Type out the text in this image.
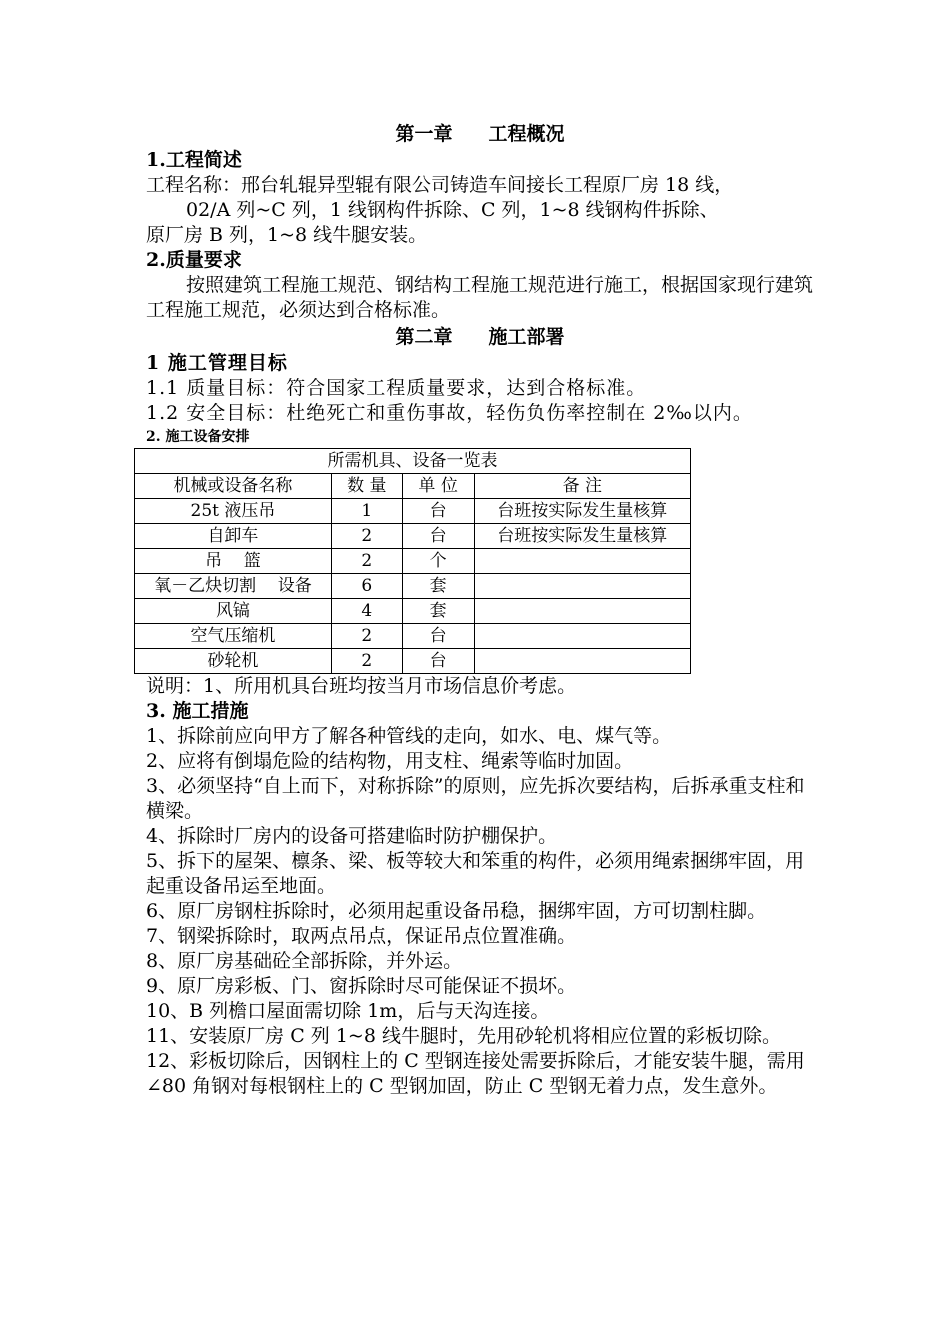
第一章 工程概况
1.工程简述

工程名称：邢台轧辊异型辊有限公司铸造车间接长工程原厂房 18 线，

02/A 列~C 列，1 线钢构件拆除、C 列，1~8 线钢构件拆除、

原厂房 B 列，1~8 线牛腿安装。

2.质量要求

按照建筑工程施工规范、钢结构工程施工规范进行施工，根据国家现行建筑工程施工规范，必须达到合格标准。

第二章 施工部署
1 施工管理目标

1.1 质量目标：符合国家工程质量要求，达到合格标准。

1.2 安全目标：杜绝死亡和重伤事故，轻伤负伤率控制在 2‰以内。

2. 施工设备安排
所需机具、设备一览表			
机械或设备名称	数 量	单 位	备 注
25t 液压吊	1	台	台班按实际发生量核算
自卸车	2	台	台班按实际发生量核算
吊    篮	2	个	
氧－乙炔切割    设备	6	套	
风镐	4	套	
空气压缩机	2	台	
砂轮机	2	台	

说明：1、所用机具台班均按当月市场信息价考虑。

3. 施工措施

1、拆除前应向甲方了解各种管线的走向，如水、电、煤气等。

2、应将有倒塌危险的结构物，用支柱、绳索等临时加固。

3、必须坚持“自上而下，对称拆除”的原则，应先拆次要结构，后拆承重支柱和横梁。

4、拆除时厂房内的设备可搭建临时防护棚保护。

5、拆下的屋架、檩条、梁、板等较大和笨重的构件，必须用绳索捆绑牢固，用起重设备吊运至地面。

6、原厂房钢柱拆除时，必须用起重设备吊稳，捆绑牢固，方可切割柱脚。

7、钢梁拆除时，取两点吊点，保证吊点位置准确。

8、原厂房基础砼全部拆除，并外运。

9、原厂房彩板、门、窗拆除时尽可能保证不损坏。

10、B 列檐口屋面需切除 1m，后与天沟连接。

11、安装原厂房 C 列 1~8 线牛腿时，先用砂轮机将相应位置的彩板切除。

12、彩板切除后，因钢柱上的 C 型钢连接处需要拆除后，才能安装牛腿，需用∠80 角钢对每根钢柱上的 C 型钢加固，防止 C 型钢无着力点，发生意外。
